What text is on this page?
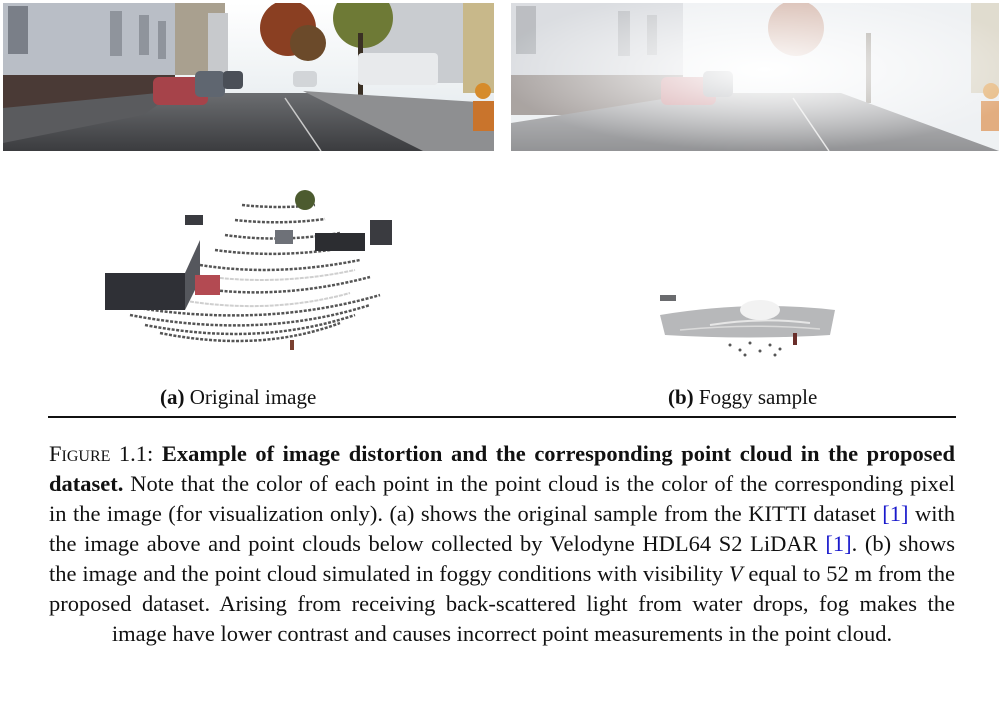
(a) Original image	(b) Foggy sample
Figure 1.1: Example of image distortion and the corresponding point cloud in the proposed dataset. Note that the color of each point in the point cloud is the color of the corresponding pixel in the image (for visualization only). (a) shows the original sample from the KITTI dataset [1] with the image above and point clouds below collected by Velodyne HDL64 S2 LiDAR [1]. (b) shows the image and the point cloud simulated in foggy conditions with visibility V equal to 52 m from the proposed dataset. Arising from receiving back-scattered light from water drops, fog makes the image have lower contrast and causes incorrect point measurements in the point cloud.
